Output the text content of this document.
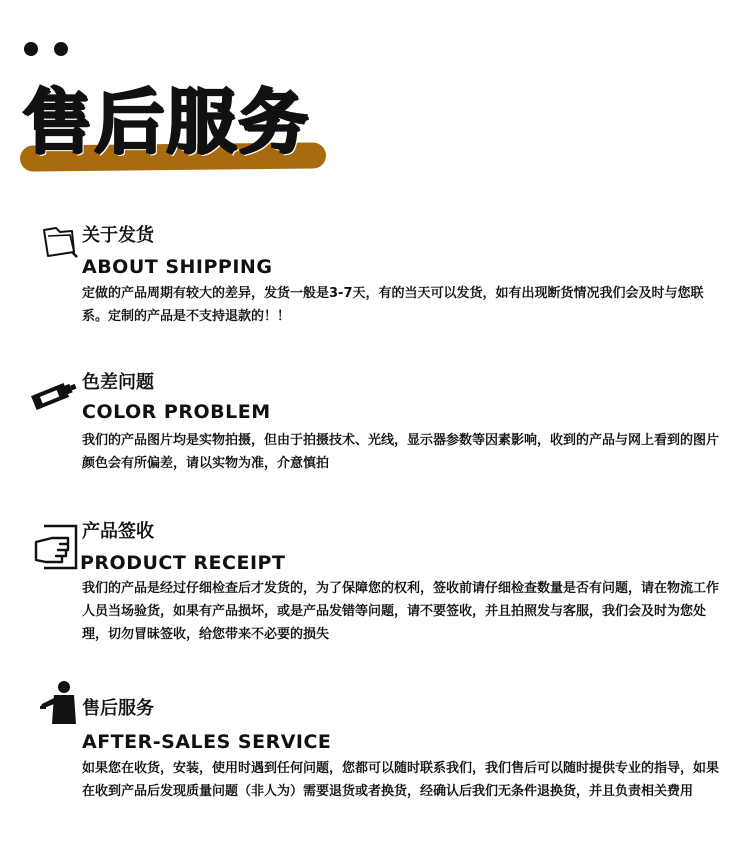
售后服务
关于发货
ABOUT SHIPPING
定做的产品周期有较大的差异，发货一般是3-7天，有的当天可以发货，如有出现断货情况我们会及时与您联系。定制的产品是不支持退款的！！
色差问题
COLOR PROBLEM
我们的产品图片均是实物拍摄，但由于拍摄技术、光线，显示器参数等因素影响，收到的产品与网上看到的图片颜色会有所偏差，请以实物为准，介意慎拍
产品签收
PRODUCT RECEIPT
我们的产品是经过仔细检查后才发货的，为了保障您的权利，签收前请仔细检查数量是否有问题，请在物流工作人员当场验货，如果有产品损坏，或是产品发错等问题，请不要签收，并且拍照发与客服，我们会及时为您处理，切勿冒昧签收，给您带来不必要的损失
售后服务
AFTER-SALES SERVICE
如果您在收货，安装，使用时遇到任何问题，您都可以随时联系我们，我们售后可以随时提供专业的指导，如果在收到产品后发现质量问题（非人为）需要退货或者换货，经确认后我们无条件退换货，并且负责相关费用
